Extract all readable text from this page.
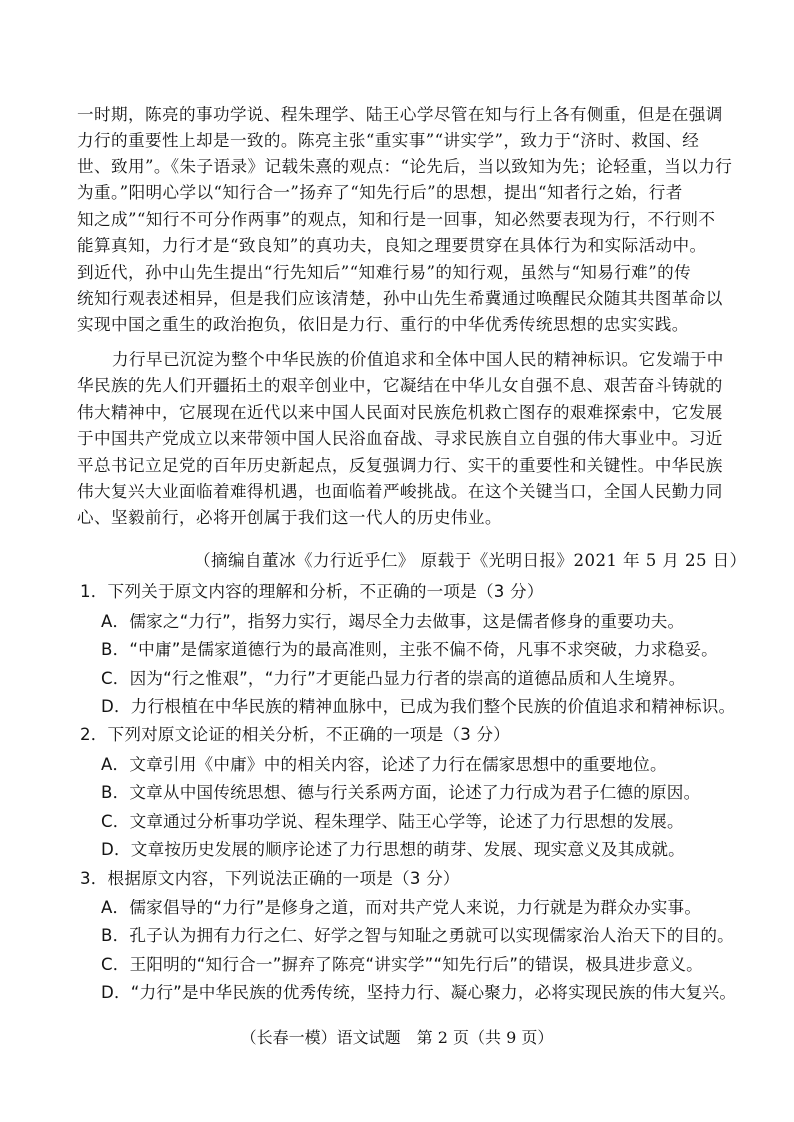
一时期，陈亮的事功学说、程朱理学、陆王心学尽管在知与行上各有侧重，但是在强调
力行的重要性上却是一致的。陈亮主张“重实事”“讲实学”，致力于“济时、救国、经
世、致用”。《朱子语录》记载朱熹的观点：“论先后，当以致知为先；论轻重，当以力行
为重。”阳明心学以“知行合一”扬弃了“知先行后”的思想，提出“知者行之始，行者
知之成”“知行不可分作两事”的观点，知和行是一回事，知必然要表现为行，不行则不
能算真知，力行才是“致良知”的真功夫，良知之理要贯穿在具体行为和实际活动中。
到近代，孙中山先生提出“行先知后”“知难行易”的知行观，虽然与“知易行难”的传
统知行观表述相异，但是我们应该清楚，孙中山先生希冀通过唤醒民众随其共图革命以
实现中国之重生的政治抱负，依旧是力行、重行的中华优秀传统思想的忠实实践。
力行早已沉淀为整个中华民族的价值追求和全体中国人民的精神标识。它发端于中
华民族的先人们开疆拓土的艰辛创业中，它凝结在中华儿女自强不息、艰苦奋斗铸就的
伟大精神中，它展现在近代以来中国人民面对民族危机救亡图存的艰难探索中，它发展
于中国共产党成立以来带领中国人民浴血奋战、寻求民族自立自强的伟大事业中。习近
平总书记立足党的百年历史新起点，反复强调力行、实干的重要性和关键性。中华民族
伟大复兴大业面临着难得机遇，也面临着严峻挑战。在这个关键当口，全国人民勤力同
心、坚毅前行，必将开创属于我们这一代人的历史伟业。
（摘编自董冰《力行近乎仁》 原载于《光明日报》2021 年 5 月 25 日）
1．下列关于原文内容的理解和分析，不正确的一项是（3 分）
A．儒家之“力行”，指努力实行，竭尽全力去做事，这是儒者修身的重要功夫。
B．“中庸”是儒家道德行为的最高准则，主张不偏不倚，凡事不求突破，力求稳妥。
C．因为“行之惟艰”，“力行”才更能凸显力行者的崇高的道德品质和人生境界。
D．力行根植在中华民族的精神血脉中，已成为我们整个民族的价值追求和精神标识。
2．下列对原文论证的相关分析，不正确的一项是（3 分）
A．文章引用《中庸》中的相关内容，论述了力行在儒家思想中的重要地位。
B．文章从中国传统思想、德与行关系两方面，论述了力行成为君子仁德的原因。
C．文章通过分析事功学说、程朱理学、陆王心学等，论述了力行思想的发展。
D．文章按历史发展的顺序论述了力行思想的萌芽、发展、现实意义及其成就。
3．根据原文内容，下列说法正确的一项是（3 分）
A．儒家倡导的“力行”是修身之道，而对共产党人来说，力行就是为群众办实事。
B．孔子认为拥有力行之仁、好学之智与知耻之勇就可以实现儒家治人治天下的目的。
C．王阳明的“知行合一”摒弃了陈亮“讲实学”“知先行后”的错误，极具进步意义。
D．“力行”是中华民族的优秀传统，坚持力行、凝心聚力，必将实现民族的伟大复兴。
（长春一模）语文试题　第 2 页（共 9 页）
